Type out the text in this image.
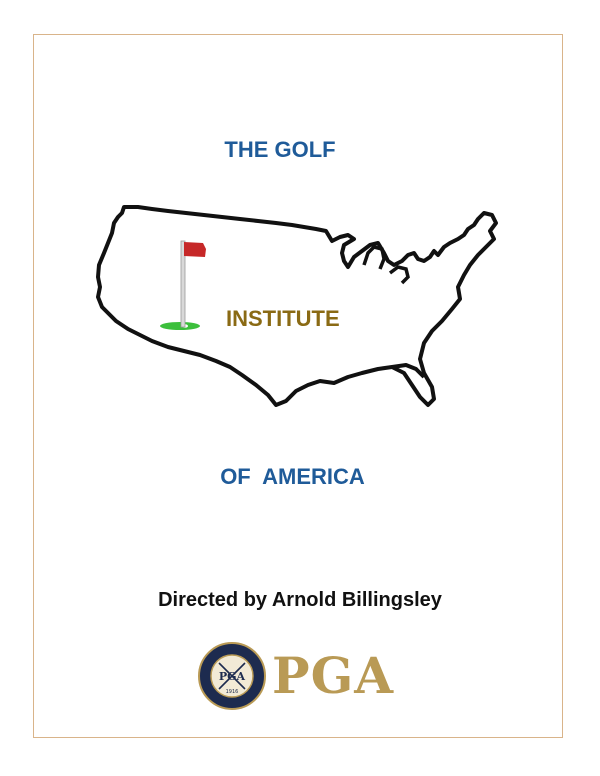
THE GOLF
INSTITUTE
OF  AMERICA
Directed by Arnold Billingsley
PGA
1916 PGA
